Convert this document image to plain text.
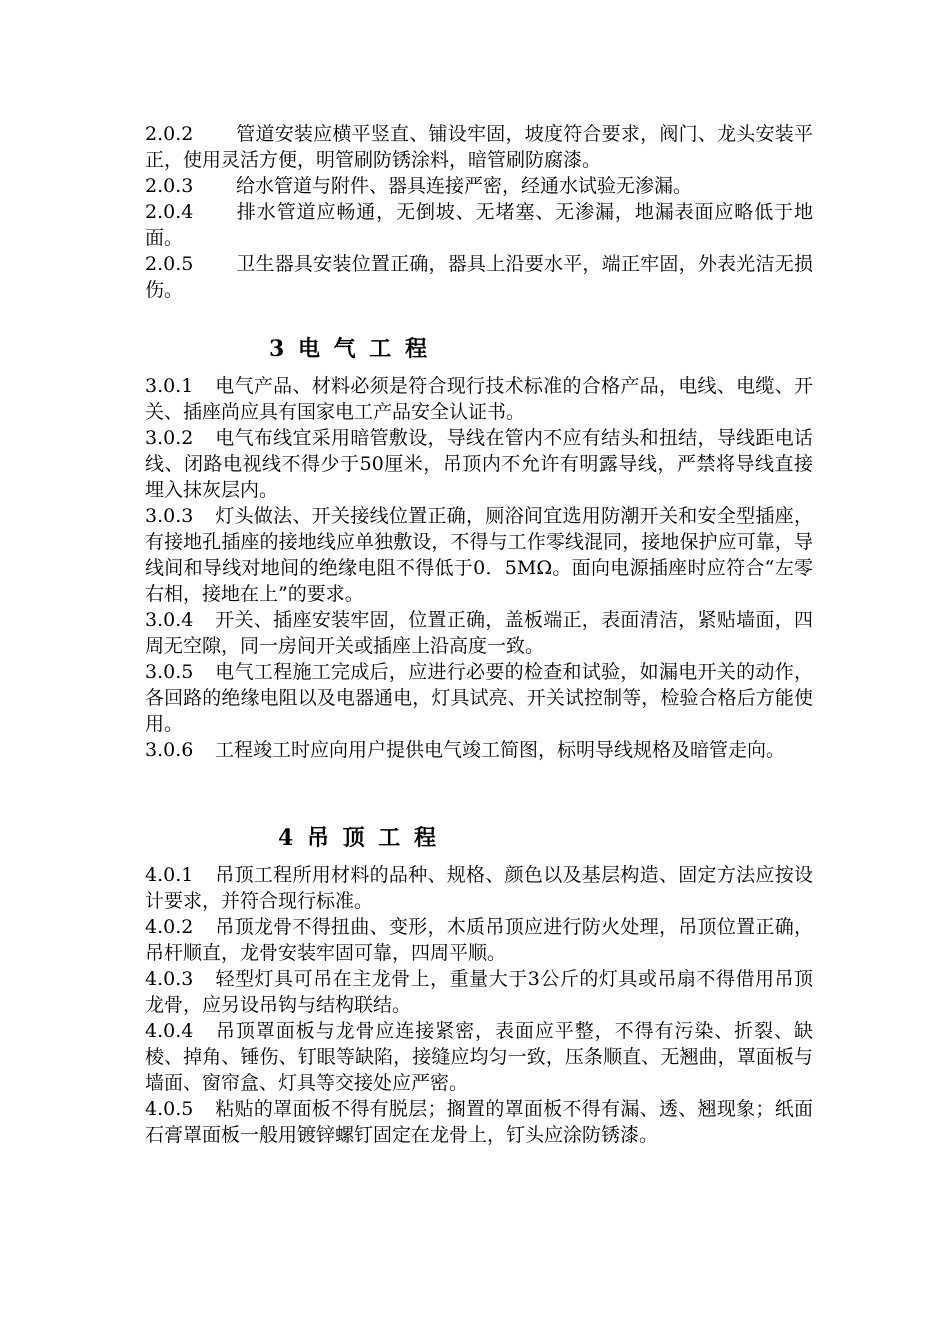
2.0.2 管道安装应横平竖直、铺设牢固，坡度符合要求，阀门、龙头安装平正，使用灵活方便，明管刷防锈涂料，暗管刷防腐漆。

2.0.3 给水管道与附件、器具连接严密，经通水试验无渗漏。

2.0.4 排水管道应畅通，无倒坡、无堵塞、无渗漏，地漏表面应略低于地面。

2.0.5 卫生器具安装位置正确，器具上沿要水平，端正牢固，外表光洁无损伤。

3 电 气 工 程

3.0.1 电气产品、材料必须是符合现行技术标准的合格产品，电线、电缆、开关、插座尚应具有国家电工产品安全认证书。

3.0.2 电气布线宜采用暗管敷设，导线在管内不应有结头和扭结，导线距电话线、闭路电视线不得少于50厘米，吊顶内不允许有明露导线，严禁将导线直接埋入抹灰层内。

3.0.3 灯头做法、开关接线位置正确，厕浴间宜选用防潮开关和安全型插座，有接地孔插座的接地线应单独敷设，不得与工作零线混同，接地保护应可靠，导线间和导线对地间的绝缘电阻不得低于0．5MΩ。面向电源插座时应符合“左零右相，接地在上”的要求。

3.0.4 开关、插座安装牢固，位置正确，盖板端正，表面清洁，紧贴墙面，四周无空隙，同一房间开关或插座上沿高度一致。

3.0.5 电气工程施工完成后，应进行必要的检查和试验，如漏电开关的动作，各回路的绝缘电阻以及电器通电，灯具试亮、开关试控制等，检验合格后方能使用。

3.0.6 工程竣工时应向用户提供电气竣工简图，标明导线规格及暗管走向。

4 吊 顶 工 程

4.0.1 吊顶工程所用材料的品种、规格、颜色以及基层构造、固定方法应按设计要求，并符合现行标准。

4.0.2 吊顶龙骨不得扭曲、变形，木质吊顶应进行防火处理，吊顶位置正确，吊杆顺直，龙骨安装牢固可靠，四周平顺。

4.0.3 轻型灯具可吊在主龙骨上，重量大于3公斤的灯具或吊扇不得借用吊顶龙骨，应另设吊钩与结构联结。

4.0.4 吊顶罩面板与龙骨应连接紧密，表面应平整，不得有污染、折裂、缺棱、掉角、锤伤、钉眼等缺陷，接缝应均匀一致，压条顺直、无翘曲，罩面板与墙面、窗帘盒、灯具等交接处应严密。

4.0.5 粘贴的罩面板不得有脱层；搁置的罩面板不得有漏、透、翘现象；纸面石膏罩面板一般用镀锌螺钉固定在龙骨上，钉头应涂防锈漆。
